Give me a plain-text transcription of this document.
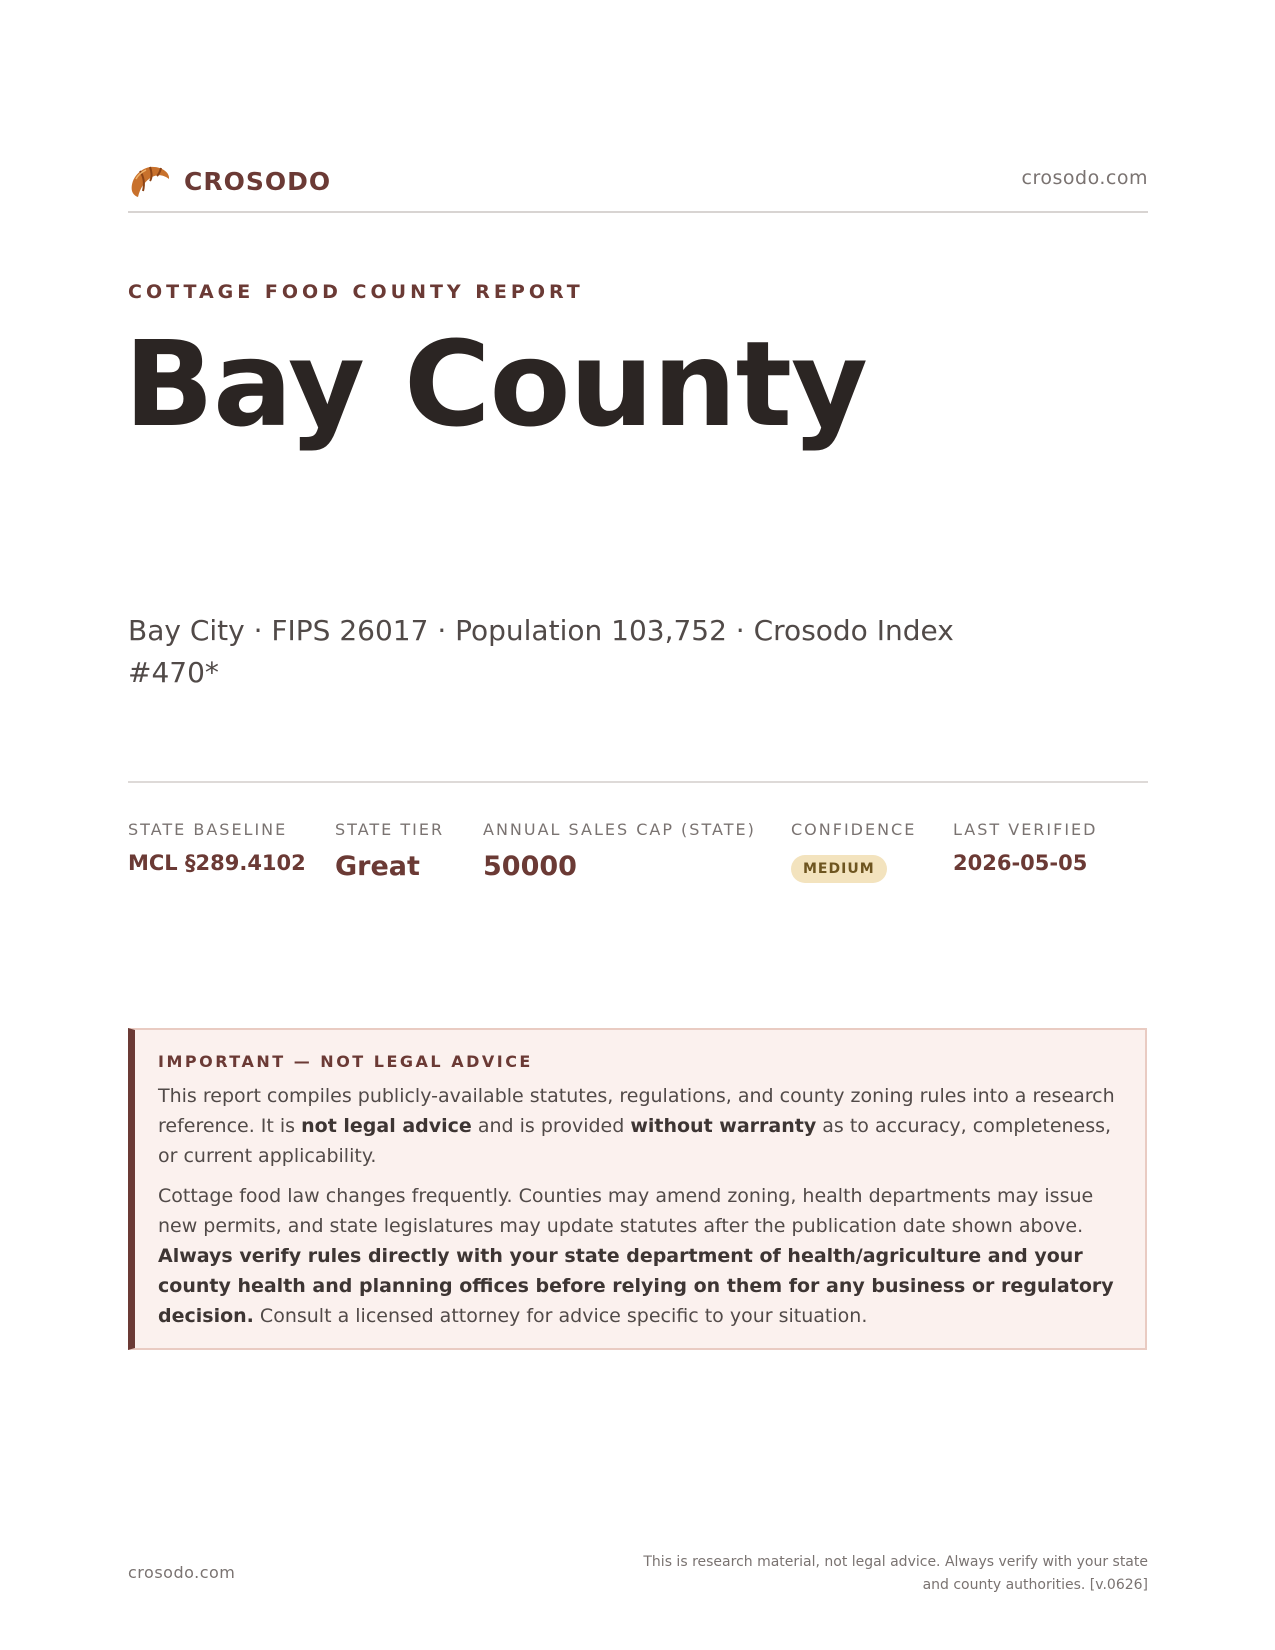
CROSODO	crosodo.com
COTTAGE FOOD COUNTY REPORT
Bay County
Bay City · FIPS 26017 · Population 103,752 · Crosodo Index #470*
STATE BASELINE
MCL §289.4102
STATE TIER
Great
ANNUAL SALES CAP (STATE)
50000
CONFIDENCE
MEDIUM
LAST VERIFIED
2026-05-05
IMPORTANT — NOT LEGAL ADVICE

This report compiles publicly-available statutes, regulations, and county zoning rules into a research reference. It is not legal advice and is provided without warranty as to accuracy, completeness, or current applicability.

Cottage food law changes frequently. Counties may amend zoning, health departments may issue new permits, and state legislatures may update statutes after the publication date shown above. Always verify rules directly with your state department of health/agriculture and your county health and planning offices before relying on them for any business or regulatory decision. Consult a licensed attorney for advice specific to your situation.

crosodo.com
This is research material, not legal advice. Always verify with your state and county authorities. [v.0626]
